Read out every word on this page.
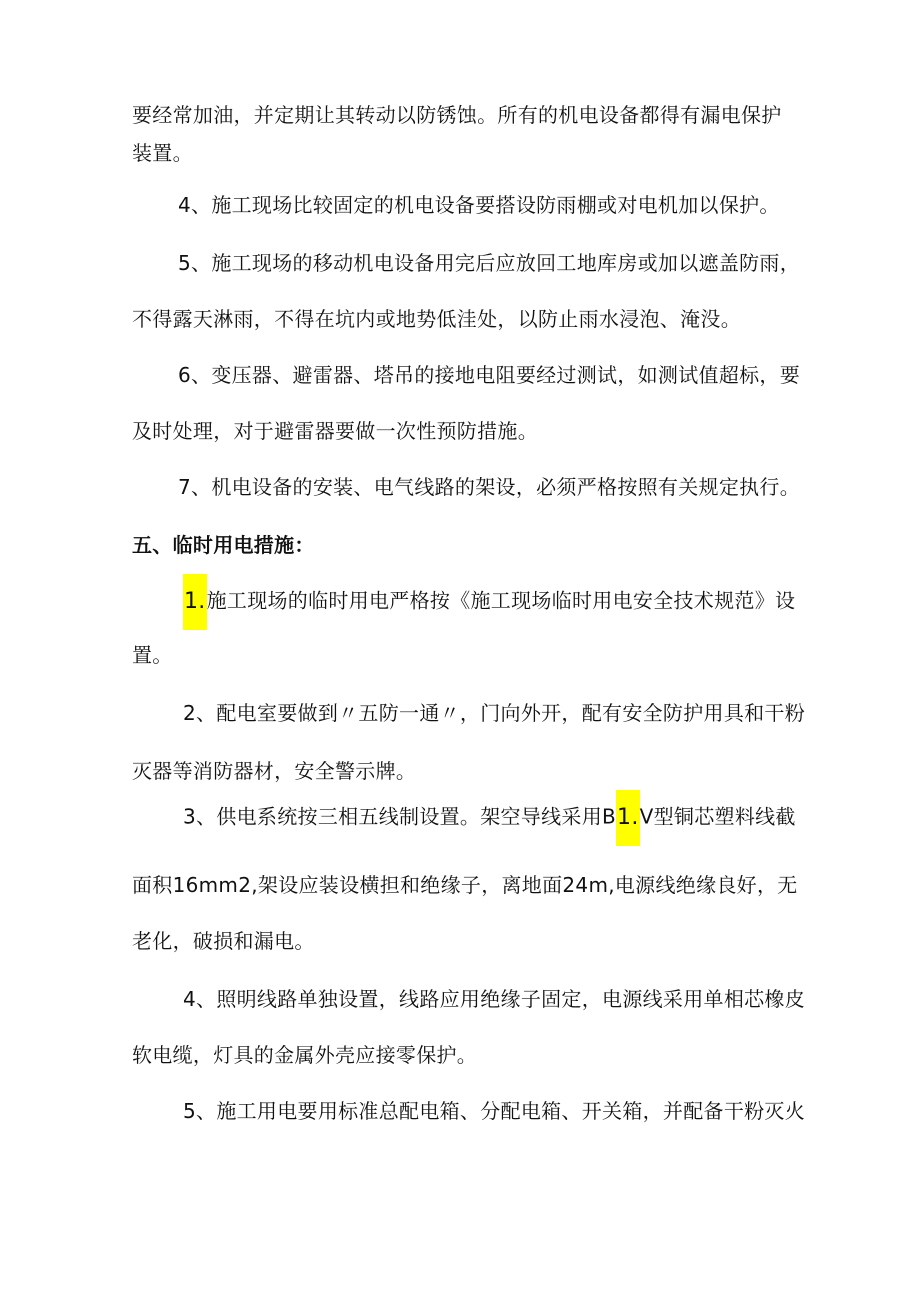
要经常加油，并定期让其转动以防锈蚀。所有的机电设备都得有漏电保护
装置。
4、施工现场比较固定的机电设备要搭设防雨棚或对电机加以保护。
5、施工现场的移动机电设备用完后应放回工地库房或加以遮盖防雨，
不得露天淋雨，不得在坑内或地势低洼处，以防止雨水浸泡、淹没。
6、变压器、避雷器、塔吊的接地电阻要经过测试，如测试值超标，要
及时处理，对于避雷器要做一次性预防措施。
7、机电设备的安装、电气线路的架设，必须严格按照有关规定执行。
五、临时用电措施：
1.施工现场的临时用电严格按《施工现场临时用电安全技术规范》设
置。
2、配电室要做到〃五防一通〃，门向外开，配有安全防护用具和干粉
灭器等消防器材，安全警示牌。
3、供电系统按三相五线制设置。架空导线采用B1.V型铜芯塑料线截
面积16mm2,架设应装设横担和绝缘子，离地面24m,电源线绝缘良好，无
老化，破损和漏电。
4、照明线路单独设置，线路应用绝缘子固定，电源线采用单相芯橡皮
软电缆，灯具的金属外壳应接零保护。
5、施工用电要用标准总配电箱、分配电箱、开关箱，并配备干粉灭火
